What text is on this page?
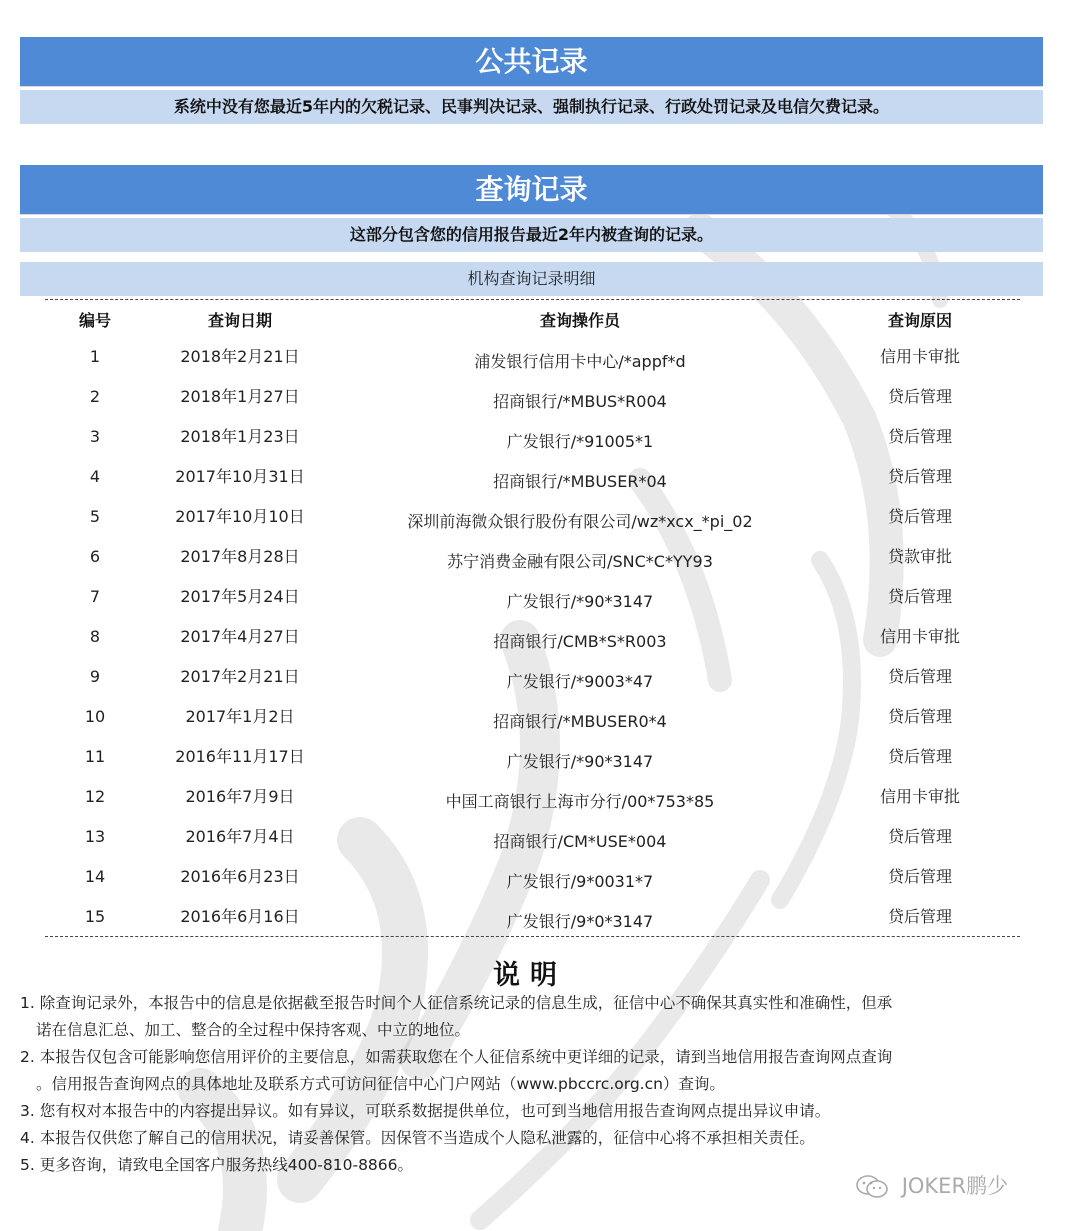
公共记录
系统中没有您最近5年内的欠税记录、民事判决记录、强制执行记录、行政处罚记录及电信欠费记录。
查询记录
这部分包含您的信用报告最近2年内被查询的记录。
机构查询记录明细
编号	查询日期	查询操作员	查询原因
1	2018年2月21日	浦发银行信用卡中心/*appf*d	信用卡审批
2	2018年1月27日	招商银行/*MBUS*R004	贷后管理
3	2018年1月23日	广发银行/*91005*1	贷后管理
4	2017年10月31日	招商银行/*MBUSER*04	贷后管理
5	2017年10月10日	深圳前海微众银行股份有限公司/wz*xcx_*pi_02	贷后管理
6	2017年8月28日	苏宁消费金融有限公司/SNC*C*YY93	贷款审批
7	2017年5月24日	广发银行/*90*3147	贷后管理
8	2017年4月27日	招商银行/CMB*S*R003	信用卡审批
9	2017年2月21日	广发银行/*9003*47	贷后管理
10	2017年1月2日	招商银行/*MBUSER0*4	贷后管理
11	2016年11月17日	广发银行/*90*3147	贷后管理
12	2016年7月9日	中国工商银行上海市分行/00*753*85	信用卡审批
13	2016年7月4日	招商银行/CM*USE*004	贷后管理
14	2016年6月23日	广发银行/9*0031*7	贷后管理
15	2016年6月16日	广发银行/9*0*3147	贷后管理
说明
1. 除查询记录外，本报告中的信息是依据截至报告时间个人征信系统记录的信息生成，征信中心不确保其真实性和准确性，但承
诺在信息汇总、加工、整合的全过程中保持客观、中立的地位。
2. 本报告仅包含可能影响您信用评价的主要信息，如需获取您在个人征信系统中更详细的记录，请到当地信用报告查询网点查询
。信用报告查询网点的具体地址及联系方式可访问征信中心门户网站（www.pbccrc.org.cn）查询。
3. 您有权对本报告中的内容提出异议。如有异议，可联系数据提供单位，也可到当地信用报告查询网点提出异议申请。
4. 本报告仅供您了解自己的信用状况，请妥善保管。因保管不当造成个人隐私泄露的，征信中心将不承担相关责任。
5. 更多咨询，请致电全国客户服务热线400-810-8866。
JOKER鹏少
